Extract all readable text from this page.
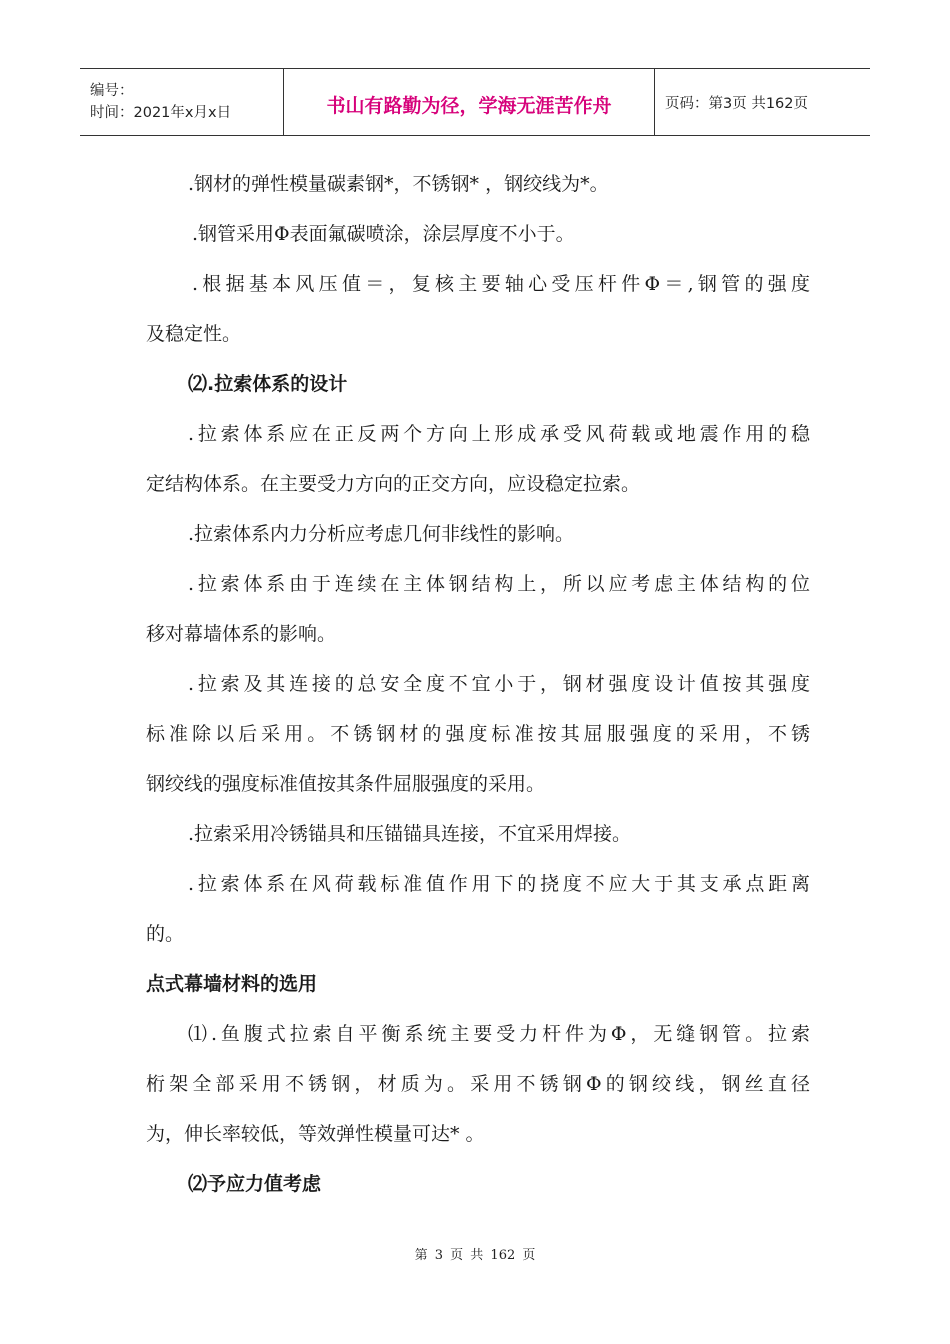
编号：
时间：2021年x月x日	书山有路勤为径，学海无涯苦作舟	页码：第3页 共162页
.钢材的弹性模量碳素钢*，不锈钢* ，钢绞线为*。
.钢管采用Φ表面氟碳喷涂，涂层厚度不小于。
.根据基本风压值＝，复核主要轴心受压杆件Φ＝,钢管的强度
及稳定性。
⑵.拉索体系的设计
.拉索体系应在正反两个方向上形成承受风荷载或地震作用的稳
定结构体系。在主要受力方向的正交方向，应设稳定拉索。
.拉索体系内力分析应考虑几何非线性的影响。
.拉索体系由于连续在主体钢结构上，所以应考虑主体结构的位
移对幕墙体系的影响。
.拉索及其连接的总安全度不宜小于，钢材强度设计值按其强度
标准除以后采用。不锈钢材的强度标准按其屈服强度的采用，不锈
钢绞线的强度标准值按其条件屈服强度的采用。
.拉索采用冷锈锚具和压锚锚具连接，不宜采用焊接。
.拉索体系在风荷载标准值作用下的挠度不应大于其支承点距离
的。
点式幕墙材料的选用
⑴.鱼腹式拉索自平衡系统主要受力杆件为Φ，无缝钢管。拉索
桁架全部采用不锈钢，材质为。采用不锈钢Φ的钢绞线，钢丝直径
为，伸长率较低，等效弹性模量可达* 。
⑵予应力值考虑
第 3 页 共 162 页
